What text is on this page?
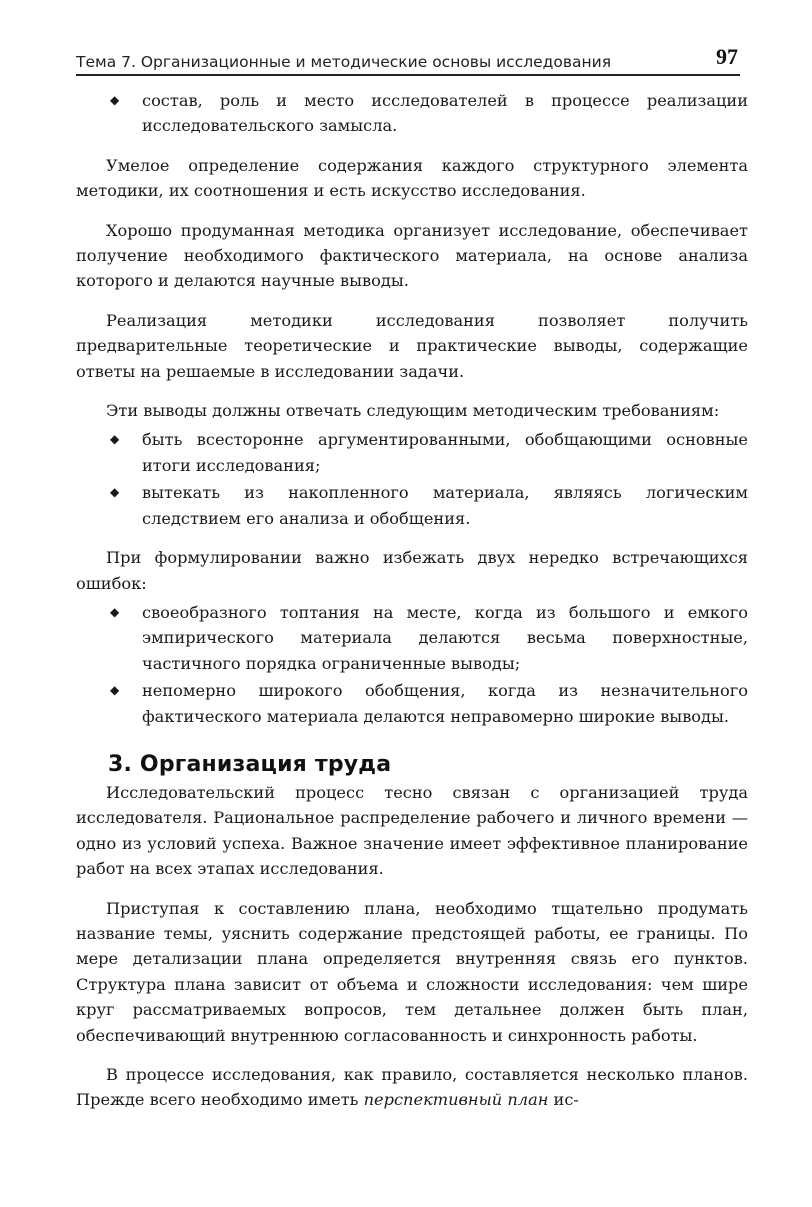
Тема 7. Организационные и методические основы исследования	97
◆ состав, роль и место исследователей в процессе реализации исследовательского замысла.

Умелое определение содержания каждого структурного элемента методики, их соотношения и есть искусство исследования.

Хорошо продуманная методика организует исследование, обеспечивает получение необходимого фактического материала, на основе анализа которого и делаются научные выводы.

Реализация методики исследования позволяет получить предварительные теоретические и практические выводы, содержащие ответы на решаемые в исследовании задачи.

Эти выводы должны отвечать следующим методическим требованиям:

◆ быть всесторонне аргументированными, обобщающими основные итоги исследования;
◆ вытекать из накопленного материала, являясь логическим следствием его анализа и обобщения.

При формулировании важно избежать двух нередко встречающихся ошибок:

◆ своеобразного топтания на месте, когда из большого и емкого эмпирического материала делаются весьма поверхностные, частичного порядка ограниченные выводы;
◆ непомерно широкого обобщения, когда из незначительного фактического материала делаются неправомерно широкие выводы.
3. Организация труда

Исследовательский процесс тесно связан с организацией труда исследователя. Рациональное распределение рабочего и личного времени — одно из условий успеха. Важное значение имеет эффективное планирование работ на всех этапах исследования.

Приступая к составлению плана, необходимо тщательно продумать название темы, уяснить содержание предстоящей работы, ее границы. По мере детализации плана определяется внутренняя связь его пунктов. Структура плана зависит от объема и сложности исследования: чем шире круг рассматриваемых вопросов, тем детальнее должен быть план, обеспечивающий внутреннюю согласованность и синхронность работы.

В процессе исследования, как правило, составляется несколько планов. Прежде всего необходимо иметь перспективный план ис-
